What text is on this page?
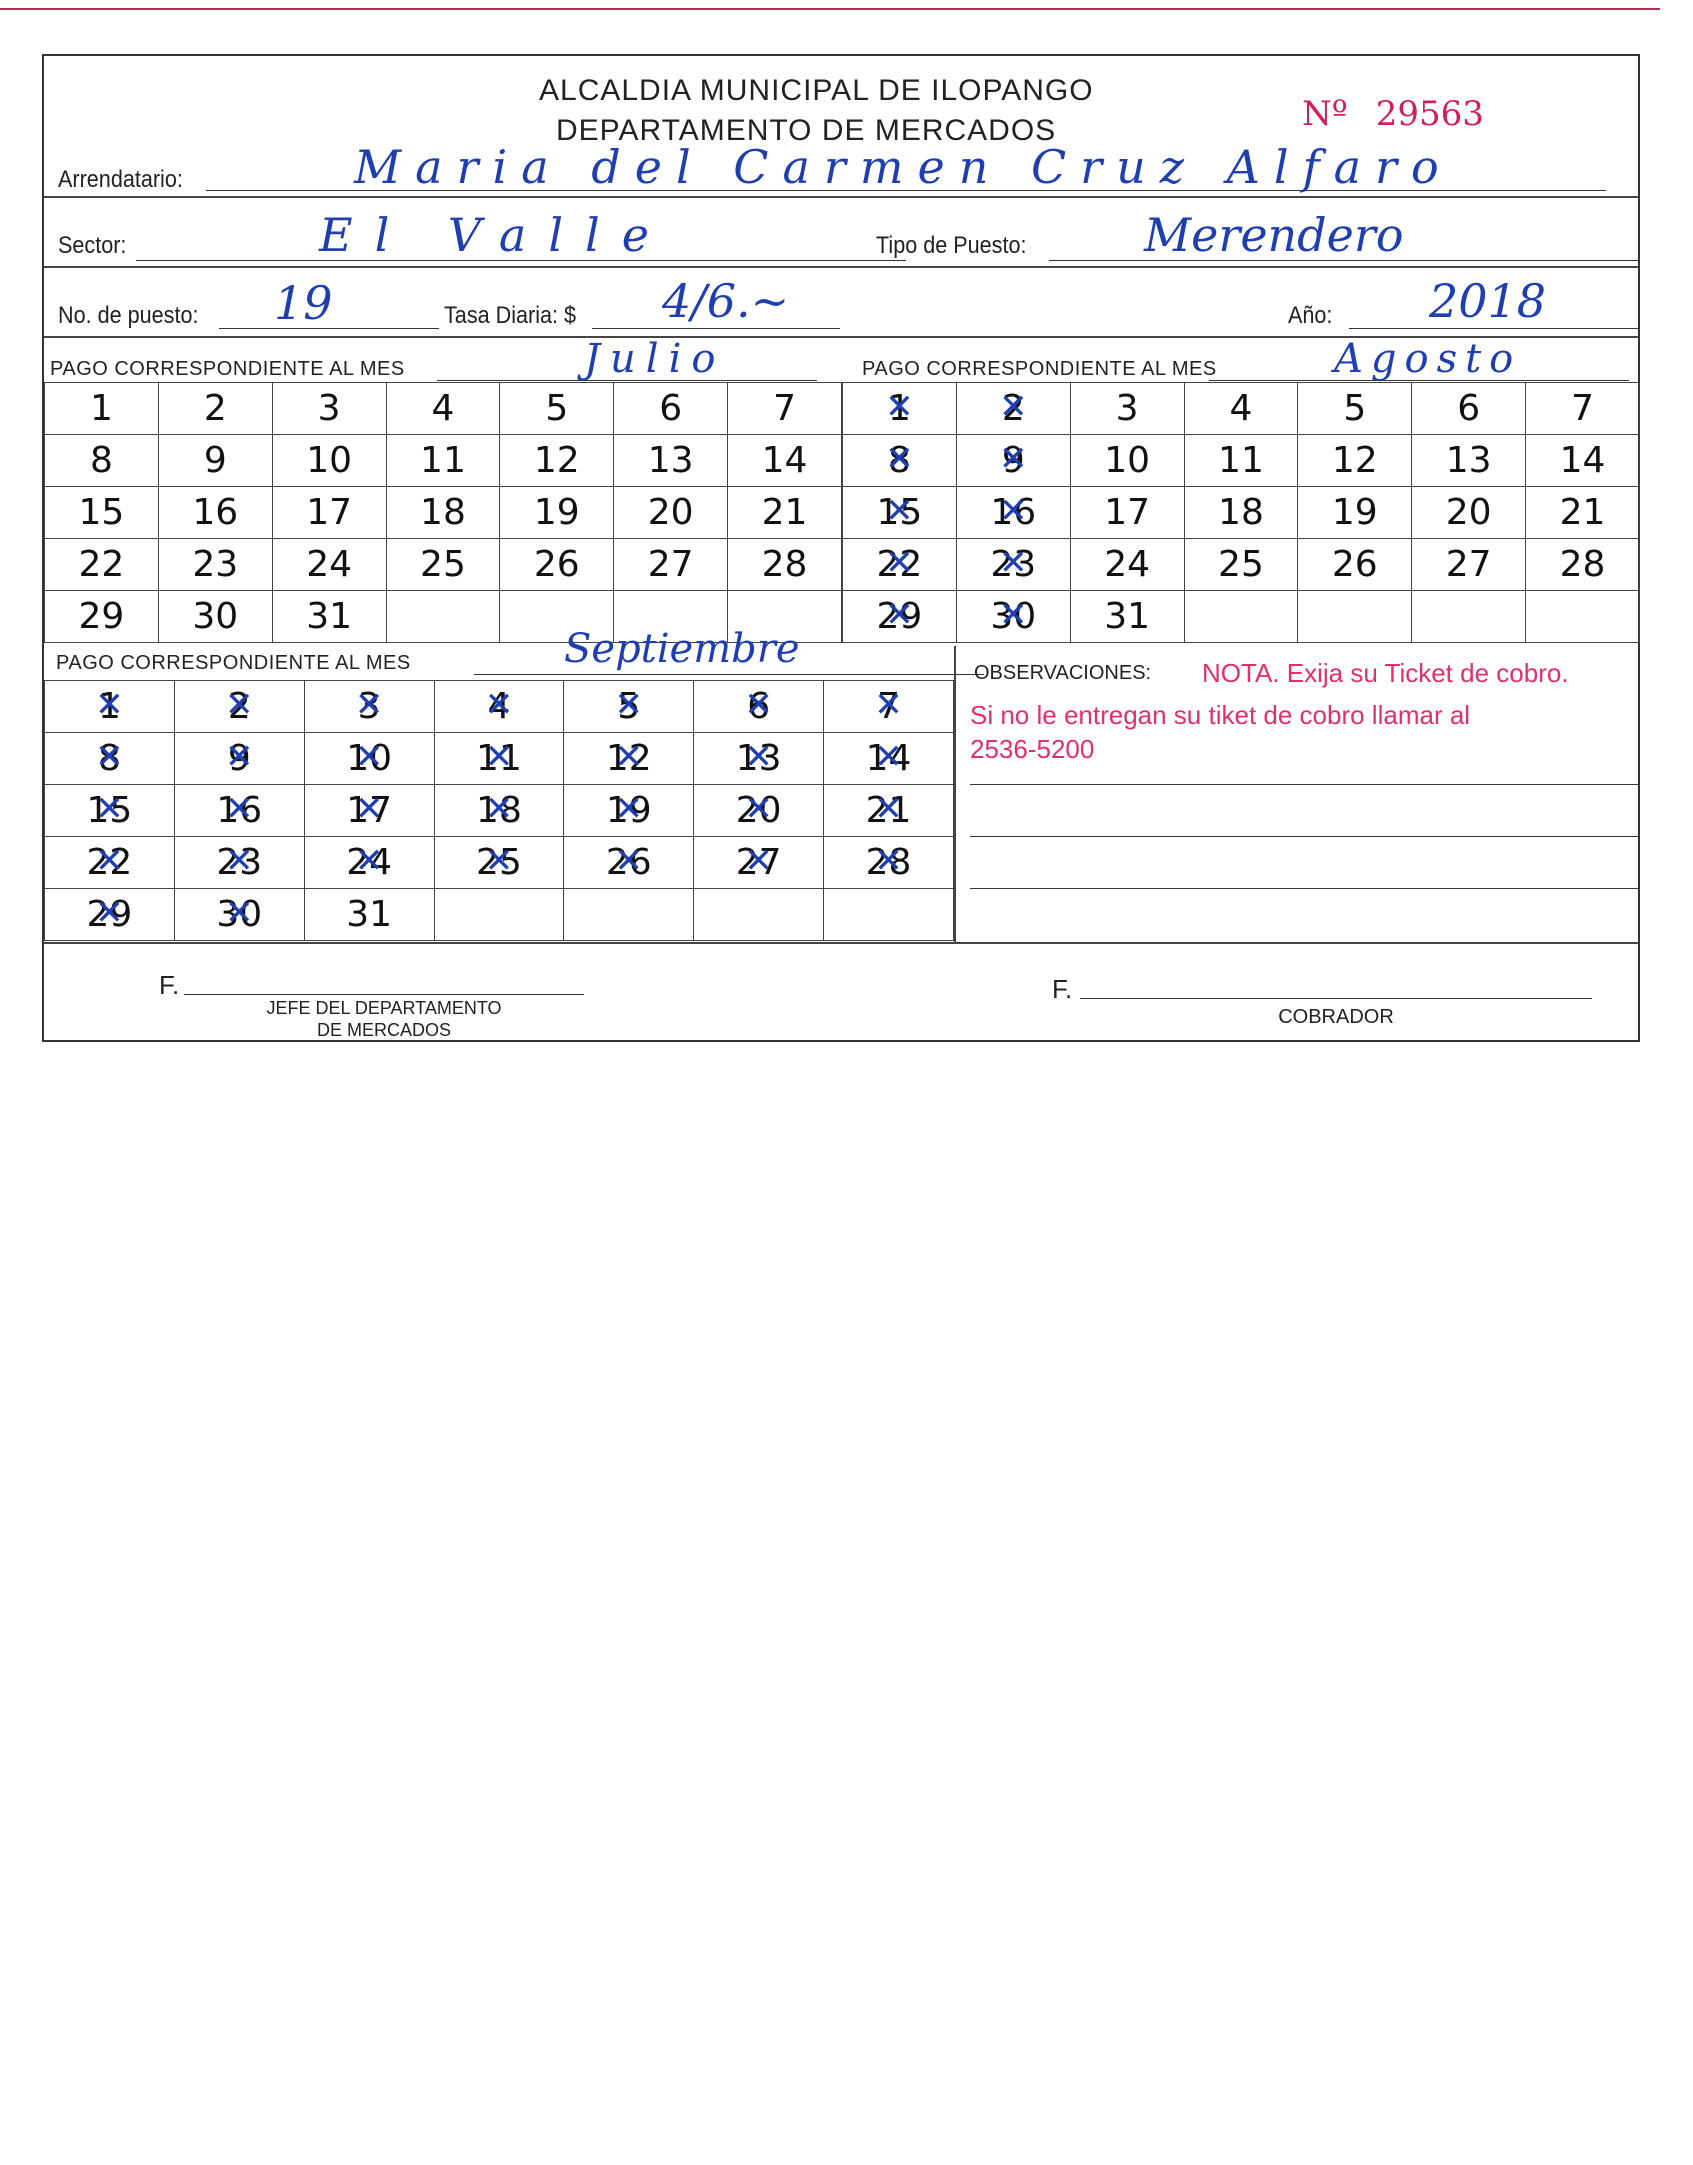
ALCALDIA MUNICIPAL DE ILOPANGO
DEPARTAMENTO DE MERCADOS	Nº 29563
Arrendatario:	Maria del Carmen Cruz Alfaro
Sector:	El Valle	Tipo de Puesto:	Merendero
No. de puesto: 19	Tasa Diaria: $ 4/6.~	Año: 2018
PAGO CORRESPONDIENTE AL MES	Julio	PAGO CORRESPONDIENTE AL MES	Agosto
1	2	3	4	5	6	7
8	9	10	11	12	13	14
15	16	17	18	19	20	21
22	23	24	25	26	27	28
29	30	31				
1 ✕	2 ✕	3	4	5	6	7
8 ✕	9 ✕	10	11	12	13	14
15 ✕	16 ✕	17	18	19	20	21
22 ✕	23 ✕	24	25	26	27	28
29 ✕	30 ✕	31				
PAGO CORRESPONDIENTE AL MES	Septiembre
1 ✕	2 ✕	3 ✕	4 ✕	5 ✕	6 ✕	7 ✕
8 ✕	9 ✕	10 ✕	11 ✕	12 ✕	13 ✕	14 ✕
15 ✕	16 ✕	17 ✕	18 ✕	19 ✕	20 ✕	21 ✕
22 ✕	23 ✕	24 ✕	25 ✕	26 ✕	27 ✕	28 ✕
29 ✕	30 ✕	31				
OBSERVACIONES: NOTA. Exija su Ticket de cobro.
Si no le entregan su tiket de cobro llamar al
2536-5200
F.
JEFE DEL DEPARTAMENTO
DE MERCADOS
F.
COBRADOR
